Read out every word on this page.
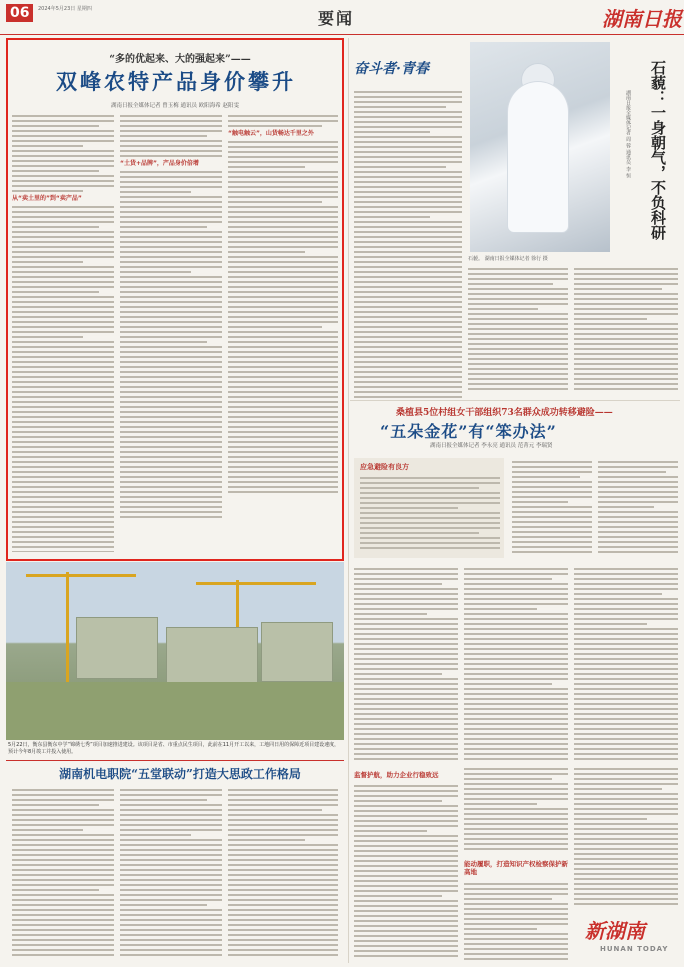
06	2024年5月23日 星期四	要闻	湖南日报
“多的优起来、大的强起来”——
双峰农特产品身价攀升
湖南日报全媒体记者 曾玉梅 通讯员 欧阳海希 赵阳雯
从“卖土里的”到“卖产品”
“土货+品牌”，产品身价倍增
“触电触云”，山货畅达千里之外
奋斗者·青春
石藐。 湖南日报全媒体记者 徐行 摄
石藐：一身朝气，不负科研
湖南日报全媒体记者 周 蓉 通讯员 李 恒
桑植县5位村组女干部组织73名群众成功转移避险——
“五朵金花”有“笨办法”
湖南日报全媒体记者 李永亮 通讯员 范菁元 李瑞贤
应急避险有良方
5月22日，衡东县衡东中学“锦绣七秀”项目加速推进建设。该项目是省、市重点民生项目，此前在11月开工以来，工地同日用的保障近项目建设速度，预计今年8月竣工并投入使用。
湖南机电职院“五堂联动”打造大思政工作格局	监督护航，助力企业行稳致远
能动履职，打造知识产权检察保护新高地
新湖南
HUNAN TODAY
